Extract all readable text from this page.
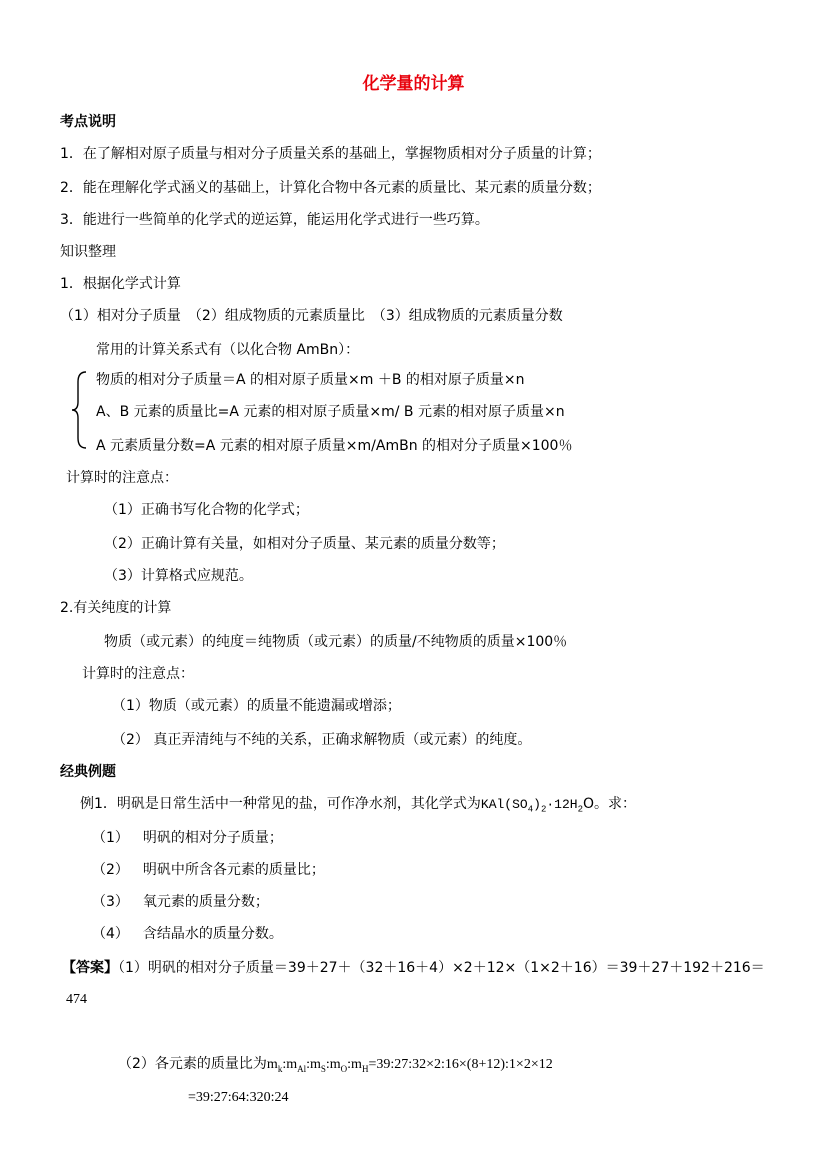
化学量的计算
考点说明
1．在了解相对原子质量与相对分子质量关系的基础上，掌握物质相对分子质量的计算；
2．能在理解化学式涵义的基础上，计算化合物中各元素的质量比、某元素的质量分数；
3．能进行一些简单的化学式的逆运算，能运用化学式进行一些巧算。
知识整理
1．根据化学式计算
（1）相对分子质量　（2）组成物质的元素质量比　（3）组成物质的元素质量分数
常用的计算关系式有（以化合物 AmBn）：
物质的相对分子质量＝A 的相对原子质量×m ＋B 的相对原子质量×n
A、B 元素的质量比=A 元素的相对原子质量×m/ B 元素的相对原子质量×n
A 元素质量分数=A 元素的相对原子质量×m/AmBn 的相对分子质量×100％
计算时的注意点：
（1）正确书写化合物的化学式；
（2）正确计算有关量，如相对分子质量、某元素的质量分数等；
（3）计算格式应规范。
2.有关纯度的计算
物质（或元素）的纯度＝纯物质（或元素）的质量/不纯物质的质量×100％
计算时的注意点：
（1）物质（或元素）的质量不能遗漏或增添；
（2） 真正弄清纯与不纯的关系，正确求解物质（或元素）的纯度。
经典例题
例1．明矾是日常生活中一种常见的盐，可作净水剂，其化学式为$KAl(SO_4)_2\cdot 12H_2O$。求：
（1） 明矾的相对分子质量；
（2） 明矾中所含各元素的质量比；
（3） 氧元素的质量分数；
（4） 含结晶水的质量分数。
【答案】（1）明矾的相对分子质量＝39＋27＋（32＋16＋4）×2＋12×（1×2＋16）＝39＋27＋192＋216＝
474
（2）各元素的质量比为$m_k:m_{Al}:m_S:m_O:m_H=39:27:32\times 2:16\times(8+12):1\times 2\times 12$
=39:27:64:320:24
